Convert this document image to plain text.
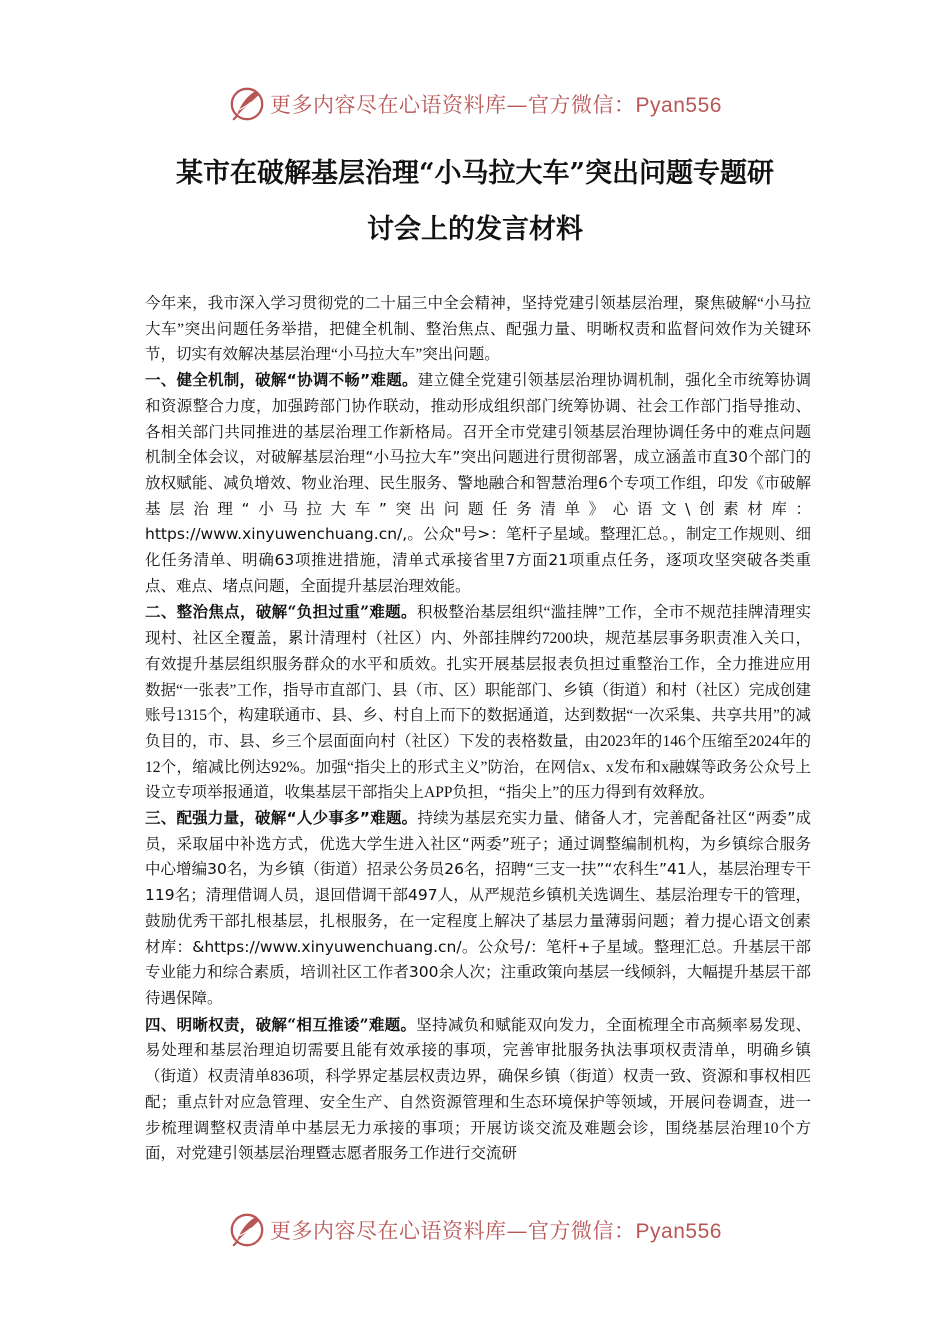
更多内容尽在心语资料库—官方微信：Pyan556
某市在破解基层治理“小马拉大车”突出问题专题研
讨会上的发言材料

今年来，我市深入学习贯彻党的二十届三中全会精神，坚持党建引领基层治理，聚焦破解“小马拉大车”突出问题任务举措，把健全机制、整治焦点、配强力量、明晰权责和监督问效作为关键环节，切实有效解决基层治理“小马拉大车”突出问题。

一、健全机制，破解“协调不畅”难题。建立健全党建引领基层治理协调机制，强化全市统筹协调和资源整合力度，加强跨部门协作联动，推动形成组织部门统筹协调、社会工作部门指导推动、各相关部门共同推进的基层治理工作新格局。召开全市党建引领基层治理协调任务中的难点问题机制全体会议，对破解基层治理“小马拉大车”突出问题进行贯彻部署，成立涵盖市直30个部门的放权赋能、减负增效、物业治理、民生服务、警地融合和智慧治理6个专项工作组，印发《市破解基层治理“小马拉大车”突出问题任务清单》心语文\创素材库：https://www.xinyuwenchuang.cn/,。公众"号>：笔杆子星域。整理汇总。，制定工作规则、细化任务清单、明确63项推进措施，清单式承接省里7方面21项重点任务，逐项攻坚突破各类重点、难点、堵点问题，全面提升基层治理效能。

二、整治焦点，破解“负担过重”难题。积极整治基层组织“滥挂牌”工作，全市不规范挂牌清理实现村、社区全覆盖，累计清理村（社区）内、外部挂牌约7200块，规范基层事务职责准入关口，有效提升基层组织服务群众的水平和质效。扎实开展基层报表负担过重整治工作，全力推进应用数据“一张表”工作，指导市直部门、县（市、区）职能部门、乡镇（街道）和村（社区）完成创建账号1315个，构建联通市、县、乡、村自上而下的数据通道，达到数据“一次采集、共享共用”的减负目的，市、县、乡三个层面面向村（社区）下发的表格数量，由2023年的146个压缩至2024年的12个，缩减比例达92%。加强“指尖上的形式主义”防治，在网信x、x发布和x融媒等政务公众号上设立专项举报通道，收集基层干部指尖上APP负担，“指尖上”的压力得到有效释放。

三、配强力量，破解“人少事多”难题。持续为基层充实力量、储备人才，完善配备社区“两委”成员，采取届中补选方式，优选大学生进入社区“两委”班子；通过调整编制机构，为乡镇综合服务中心增编30名，为乡镇（街道）招录公务员26名，招聘“三支一扶”“农科生”41人，基层治理专干119名；清理借调人员，退回借调干部497人，从严规范乡镇机关选调生、基层治理专干的管理，鼓励优秀干部扎根基层，扎根服务，在一定程度上解决了基层力量薄弱问题；着力提心语文创素材库：&https://www.xinyuwenchuang.cn/。公众号/：笔杆+子星域。整理汇总。升基层干部专业能力和综合素质，培训社区工作者300余人次；注重政策向基层一线倾斜，大幅提升基层干部待遇保障。

四、明晰权责，破解“相互推诿”难题。坚持减负和赋能双向发力，全面梳理全市高频率易发现、易处理和基层治理迫切需要且能有效承接的事项，完善审批服务执法事项权责清单，明确乡镇（街道）权责清单836项，科学界定基层权责边界，确保乡镇（街道）权责一致、资源和事权相匹配；重点针对应急管理、安全生产、自然资源管理和生态环境保护等领域，开展问卷调查，进一步梳理调整权责清单中基层无力承接的事项；开展访谈交流及难题会诊，围绕基层治理10个方面，对党建引领基层治理暨志愿者服务工作进行交流研

更多内容尽在心语资料库—官方微信：Pyan556
